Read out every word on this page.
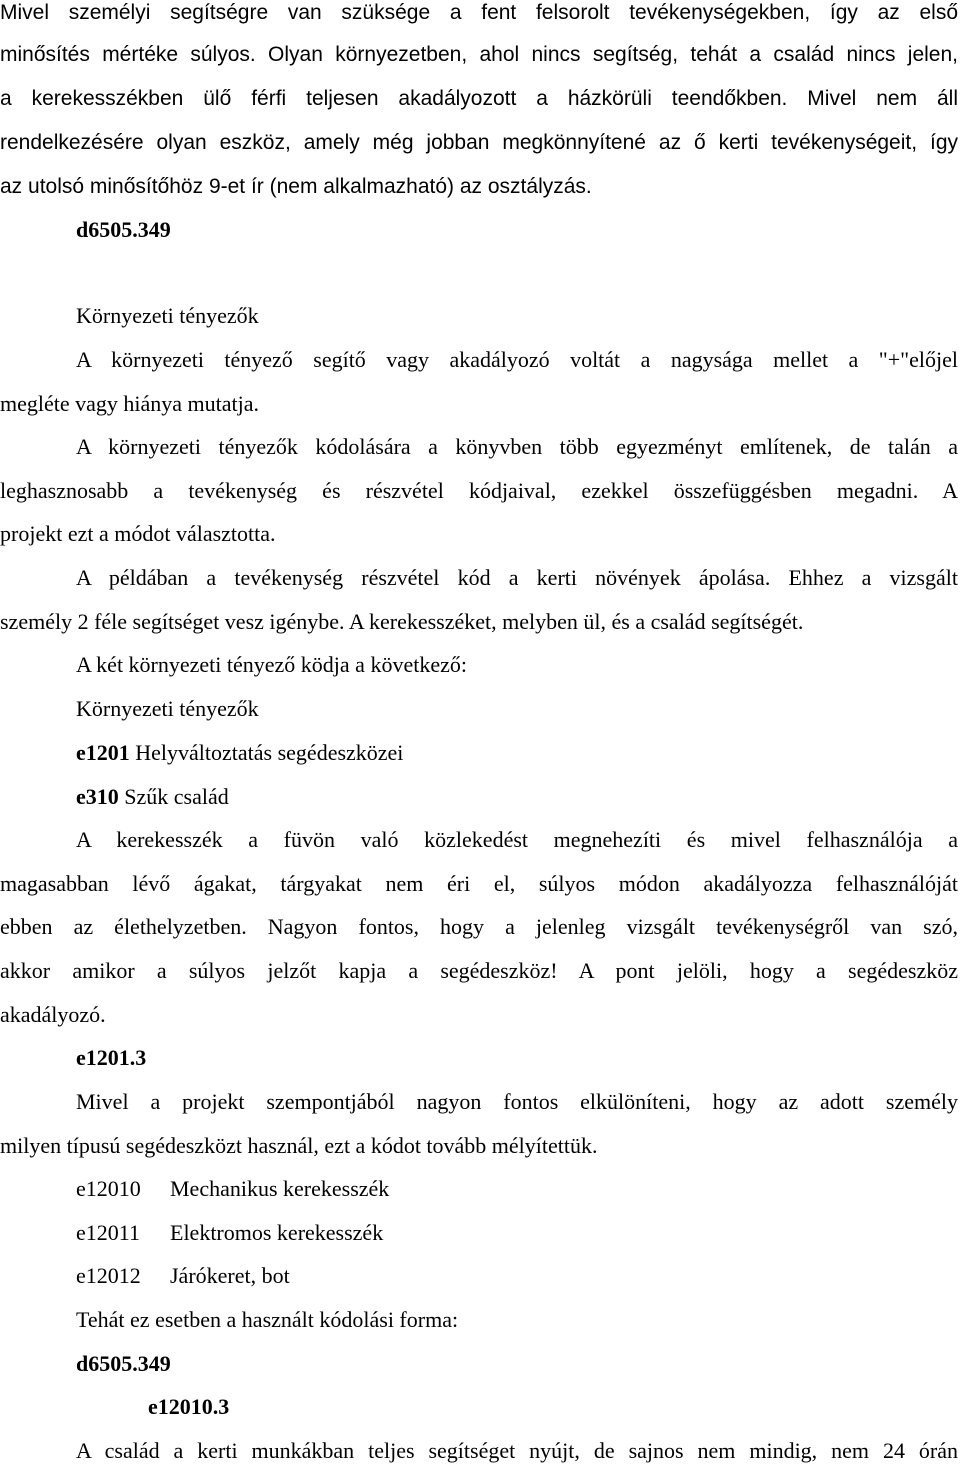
Mivel személyi segítségre van szüksége a fent felsorolt tevékenységekben, így az első

minősítés mértéke súlyos. Olyan környezetben, ahol nincs segítség, tehát a család nincs jelen,

a kerekesszékben ülő férfi teljesen akadályozott a házkörüli teendőkben. Mivel nem áll

rendelkezésére olyan eszköz, amely még jobban megkönnyítené az ő kerti tevékenységeit, így

az utolsó minősítőhöz 9-et ír (nem alkalmazható) az osztályzás.

d6505.349

Környezeti tényezők

A környezeti tényező segítő vagy akadályozó voltát a nagysága mellet a "+"előjel

megléte vagy hiánya mutatja.

A környezeti tényezők kódolására a könyvben több egyezményt említenek, de talán a

leghasznosabb a tevékenység és részvétel kódjaival, ezekkel összefüggésben megadni. A

projekt ezt a módot választotta.

A példában a tevékenység részvétel kód a kerti növények ápolása. Ehhez a vizsgált

személy 2 féle segítséget vesz igénybe. A kerekesszéket, melyben ül, és a család segítségét.

A két környezeti tényező ködja a következő:

Környezeti tényezők

e1201 Helyváltoztatás segédeszközei

e310 Szűk család

A kerekesszék a füvön való közlekedést megnehezíti és mivel felhasználója a

magasabban lévő ágakat, tárgyakat nem éri el, súlyos módon akadályozza felhasználóját

ebben az élethelyzetben. Nagyon fontos, hogy a jelenleg vizsgált tevékenységről van szó,

akkor amikor a súlyos jelzőt kapja a segédeszköz! A pont jelöli, hogy a segédeszköz

akadályozó.

e1201.3

Mivel a projekt szempontjából nagyon fontos elkülöníteni, hogy az adott személy

milyen típusú segédeszközt használ, ezt a kódot tovább mélyítettük.

e12010 Mechanikus kerekesszék

e12011 Elektromos kerekesszék

e12012 Járókeret, bot

Tehát ez esetben a használt kódolási forma:

d6505.349

e12010.3

A család a kerti munkákban teljes segítséget nyújt, de sajnos nem mindig, nem 24 órán
